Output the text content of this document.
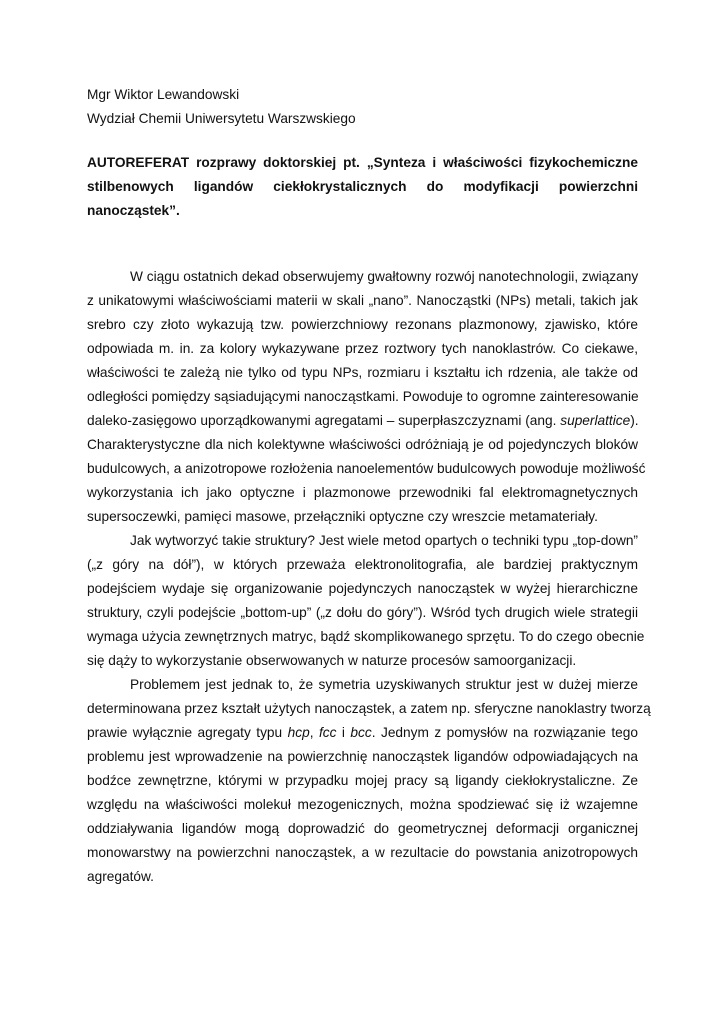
Mgr Wiktor Lewandowski
Wydział Chemii Uniwersytetu Warszwskiego
AUTOREFERAT rozprawy doktorskiej pt. „Synteza i właściwości fizykochemiczne
stilbenowych ligandów ciekłokrystalicznych do modyfikacji powierzchni
nanocząstek”.
W ciągu ostatnich dekad obserwujemy gwałtowny rozwój nanotechnologii, związany
z unikatowymi właściwościami materii w skali „nano”. Nanocząstki (NPs) metali, takich jak
srebro czy złoto wykazują tzw. powierzchniowy rezonans plazmonowy, zjawisko, które
odpowiada m. in. za kolory wykazywane przez roztwory tych nanoklastrów. Co ciekawe,
właściwości te zależą nie tylko od typu NPs, rozmiaru i kształtu ich rdzenia, ale także od
odległości pomiędzy sąsiadującymi nanocząstkami. Powoduje to ogromne zainteresowanie
daleko-zasięgowo uporządkowanymi agregatami – superpłaszczyznami (ang. superlattice).
Charakterystyczne dla nich kolektywne właściwości odróżniają je od pojedynczych bloków
budulcowych, a anizotropowe rozłożenia nanoelementów budulcowych powoduje możliwość
wykorzystania ich jako optyczne i plazmonowe przewodniki fal elektromagnetycznych
supersoczewki, pamięci masowe, przełączniki optyczne czy wreszcie metamateriały.
Jak wytworzyć takie struktury? Jest wiele metod opartych o techniki typu „top-down”
(„z góry na dół”), w których przeważa elektronolitografia, ale bardziej praktycznym
podejściem wydaje się organizowanie pojedynczych nanocząstek w wyżej hierarchiczne
struktury, czyli podejście „bottom-up” („z dołu do góry”). Wśród tych drugich wiele strategii
wymaga użycia zewnętrznych matryc, bądź skomplikowanego sprzętu. To do czego obecnie
się dąży to wykorzystanie obserwowanych w naturze procesów samoorganizacji.
Problemem jest jednak to, że symetria uzyskiwanych struktur jest w dużej mierze
determinowana przez kształt użytych nanocząstek, a zatem np. sferyczne nanoklastry tworzą
prawie wyłącznie agregaty typu hcp, fcc i bcc. Jednym z pomysłów na rozwiązanie tego
problemu jest wprowadzenie na powierzchnię nanocząstek ligandów odpowiadających na
bodźce zewnętrzne, którymi w przypadku mojej pracy są ligandy ciekłokrystaliczne. Ze
względu na właściwości molekuł mezogenicznych, można spodziewać się iż wzajemne
oddziaływania ligandów mogą doprowadzić do geometrycznej deformacji organicznej
monowarstwy na powierzchni nanocząstek, a w rezultacie do powstania anizotropowych
agregatów.
